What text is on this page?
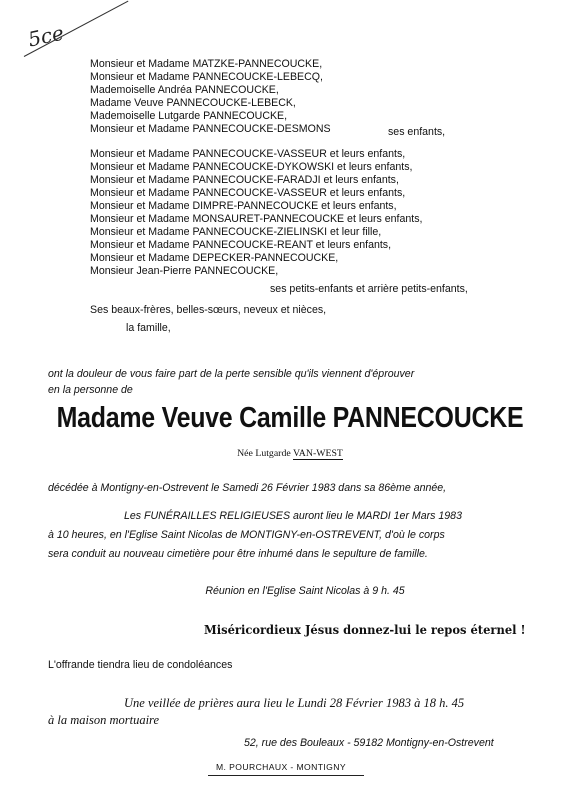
5ce
Monsieur et Madame MATZKE-PANNECOUCKE,
Monsieur et Madame PANNECOUCKE-LEBECQ,
Mademoiselle Andréa PANNECOUCKE,
Madame Veuve PANNECOUCKE-LEBECK,
Mademoiselle Lutgarde PANNECOUCKE,
Monsieur et Madame PANNECOUCKE-DESMONS
Monsieur et Madame PANNECOUCKE-VASSEUR et leurs enfants,
Monsieur et Madame PANNECOUCKE-DYKOWSKI et leurs enfants,
Monsieur et Madame PANNECOUCKE-FARADJI et leurs enfants,
Monsieur et Madame PANNECOUCKE-VASSEUR et leurs enfants,
Monsieur et Madame DIMPRE-PANNECOUCKE et leurs enfants,
Monsieur et Madame MONSAURET-PANNECOUCKE et leurs enfants,
Monsieur et Madame PANNECOUCKE-ZIELINSKI et leur fille,
Monsieur et Madame PANNECOUCKE-REANT et leurs enfants,
Monsieur et Madame DEPECKER-PANNECOUCKE,
Monsieur Jean-Pierre PANNECOUCKE,
ses enfants,
ses petits-enfants et arrière petits-enfants,
Ses beaux-frères, belles-sœurs, neveux et nièces,
la famille,
ont la douleur de vous faire part de la perte sensible qu'ils viennent d'éprouver
en la personne de
Madame Veuve Camille PANNECOUCKE
Née Lutgarde VAN-WEST
décédée à Montigny-en-Ostrevent le Samedi 26 Février 1983 dans sa 86ème année,
Les FUNÉRAILLES RELIGIEUSES auront lieu le MARDI 1er Mars 1983
à 10 heures, en l'Eglise Saint Nicolas de MONTIGNY-en-OSTREVENT, d'où le corps
sera conduit au nouveau cimetière pour être inhumé dans le sepulture de famille.
Réunion en l'Eglise Saint Nicolas à 9 h. 45
Miséricordieux Jésus donnez-lui le repos éternel !
L'offrande tiendra lieu de condoléances
Une veillée de prières aura lieu le Lundi 28 Février 1983 à 18 h. 45
à la maison mortuaire
52, rue des Bouleaux - 59182 Montigny-en-Ostrevent
M. POURCHAUX - MONTIGNY
